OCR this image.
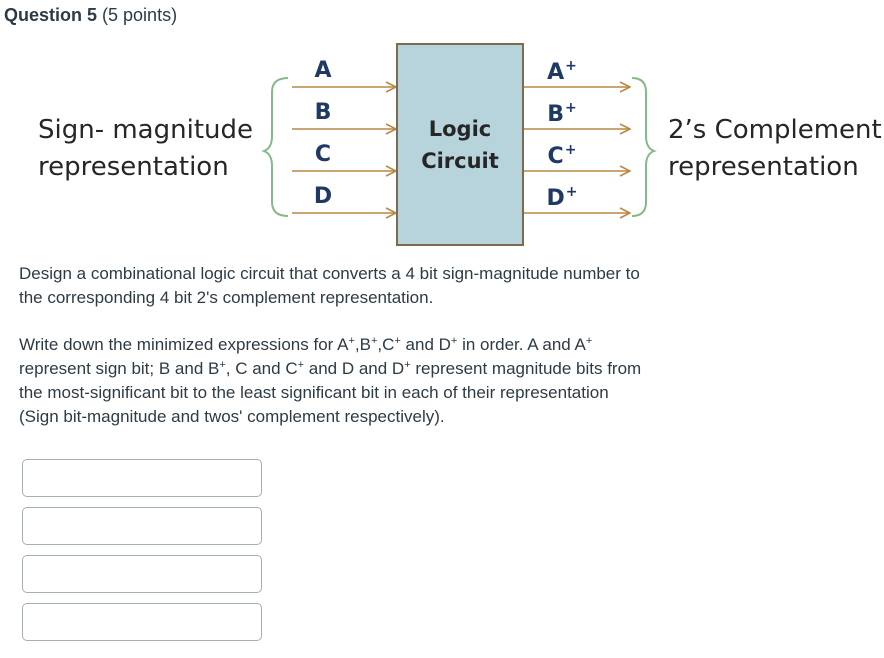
Question 5 (5 points)
Sign- magnitude
representation
2’s Complement
representation
Logic
Circuit
A
B
C
D
A+
B+
C+
D+
Design a combinational logic circuit that converts a 4 bit sign-magnitude number to
the corresponding 4 bit 2's complement representation.
Write down the minimized expressions for A+,B+,C+ and D+ in order. A and A+
represent sign bit; B and B+, C and C+ and D and D+ represent magnitude bits from
the most-significant bit to the least significant bit in each of their representation
(Sign bit-magnitude and twos' complement respectively).
